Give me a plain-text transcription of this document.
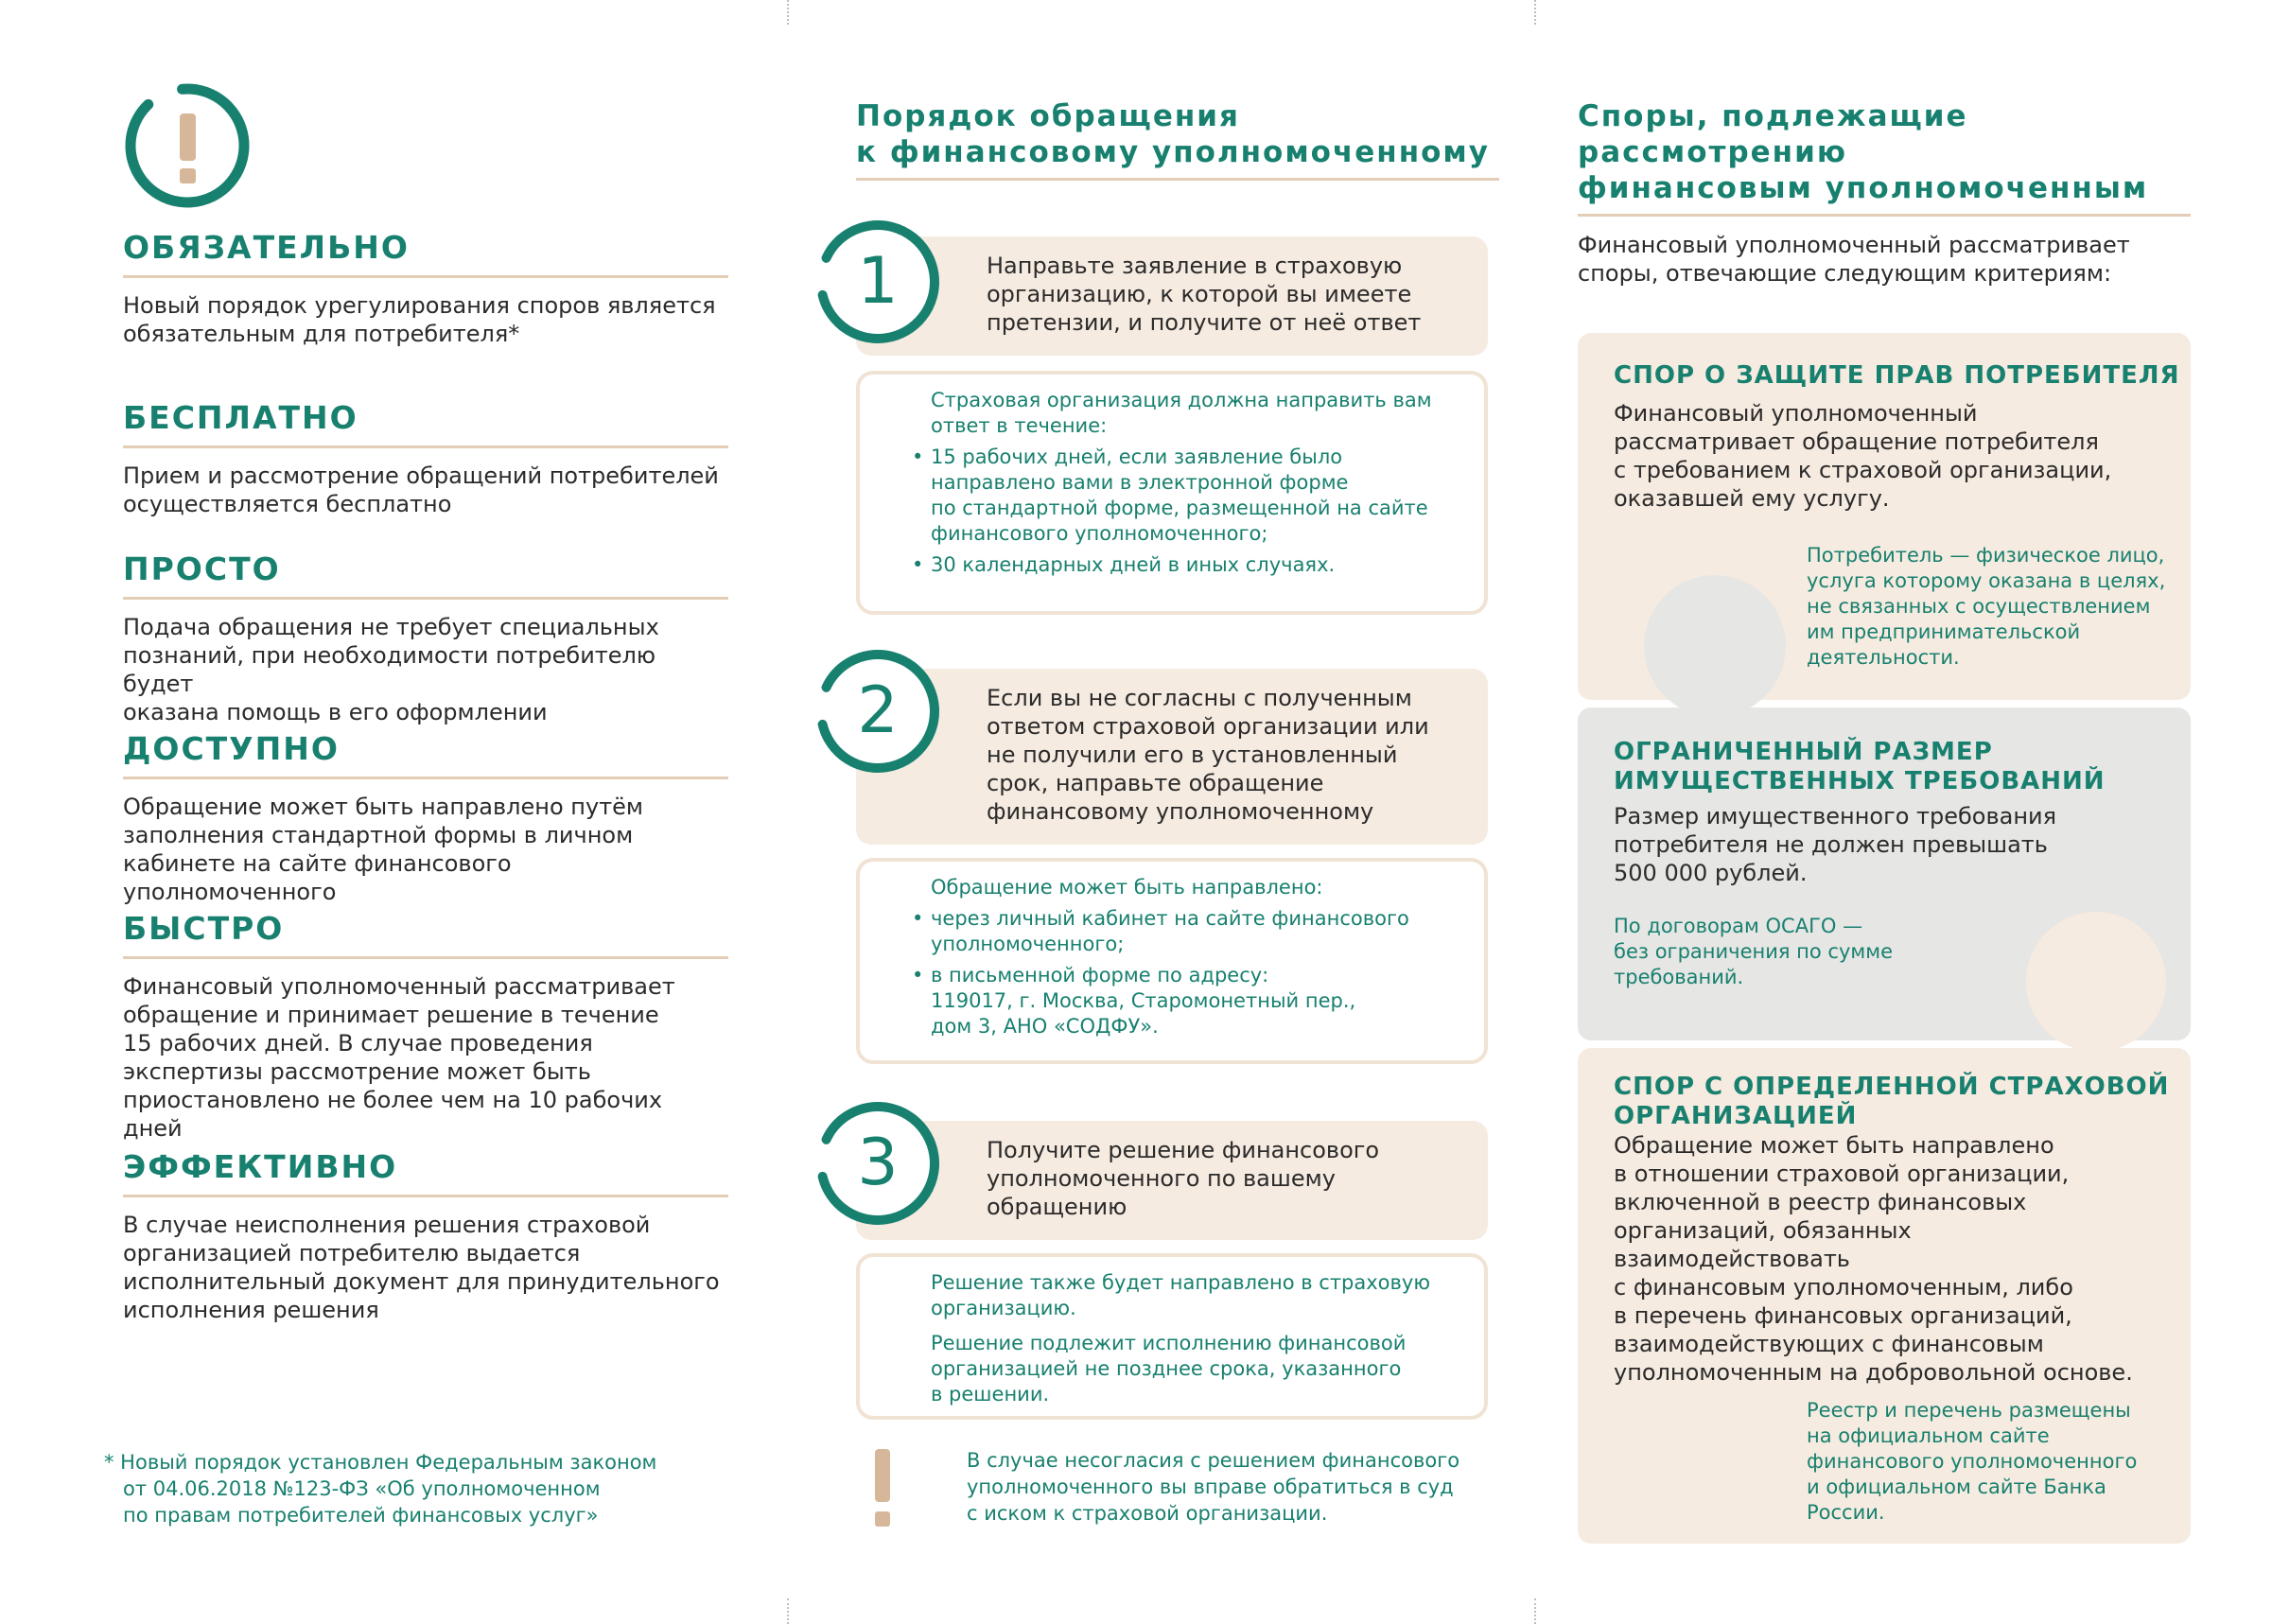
ОБЯЗАТЕЛЬНО

Новый порядок урегулирования споров является
обязательным для потребителя*

БЕСПЛАТНО

Прием и рассмотрение обращений потребителей
осуществляется бесплатно

ПРОСТО

Подача обращения не требует специальных
познаний, при необходимости потребителю будет
оказана помощь в его оформлении

ДОСТУПНО

Обращение может быть направлено путём
заполнения стандартной формы в личном
кабинете на сайте финансового уполномоченного

БЫСТРО

Финансовый уполномоченный рассматривает
обращение и принимает решение в течение
15 рабочих дней. В случае проведения
экспертизы рассмотрение может быть
приостановлено не более чем на 10 рабочих дней

ЭФФЕКТИВНО

В случае неисполнения решения страховой
организацией потребителю выдается
исполнительный документ для принудительного
исполнения решения

* Новый порядок установлен Федеральным законом

от 04.06.2018 №123-ФЗ «Об уполномоченном
по правам потребителей финансовых услуг»
Порядок обращения
к финансовому уполномоченному

Направьте заявление в страховую
организацию, к которой вы имеете
претензии, и получите от неё ответ

1
Страховая организация должна направить вам
ответ в течение:
• 15 рабочих дней, если заявление было
направлено вами в электронной форме
по стандартной форме, размещенной на сайте
финансового уполномоченного;
• 30 календарных дней в иных случаях.

Если вы не согласны с полученным
ответом страховой организации или
не получили его в установленный
срок, направьте обращение
финансовому уполномоченному

2
Обращение может быть направлено:
• через личный кабинет на сайте финансового
уполномоченного;
• в письменной форме по адресу:
119017, г. Москва, Старомонетный пер.,
дом 3, АНО «СОДФУ».

Получите решение финансового
уполномоченного по вашему
обращению

3
Решение также будет направлено в страховую
организацию.
Решение подлежит исполнению финансовой
организацией не позднее срока, указанного
в решении.
В случае несогласия с решением финансового
уполномоченного вы вправе обратиться в суд
с иском к страховой организации.
Споры, подлежащие рассмотрению
финансовым уполномоченным
Финансовый уполномоченный рассматривает
споры, отвечающие следующим критериям:
СПОР О ЗАЩИТЕ ПРАВ ПОТРЕБИТЕЛЯ
Финансовый уполномоченный
рассматривает обращение потребителя
с требованием к страховой организации,
оказавшей ему услугу.
ОГРАНИЧЕННЫЙ РАЗМЕР
ИМУЩЕСТВЕННЫХ ТРЕБОВАНИЙ
Размер имущественного требования
потребителя не должен превышать
500 000 рублей.
По договорам ОСАГО —
без ограничения по сумме
требований.
СПОР С ОПРЕДЕЛЕННОЙ СТРАХОВОЙ
ОРГАНИЗАЦИЕЙ
Обращение может быть направлено
в отношении страховой организации,
включенной в реестр финансовых
организаций, обязанных взаимодействовать
с финансовым уполномоченным, либо
в перечень финансовых организаций,
взаимодействующих с финансовым
уполномоченным на добровольной основе.
Реестр и перечень размещены
на официальном сайте
финансового уполномоченного
и официальном сайте Банка
России.
Потребитель — физическое лицо,
услуга которому оказана в целях,
не связанных с осуществлением
им предпринимательской
деятельности.
